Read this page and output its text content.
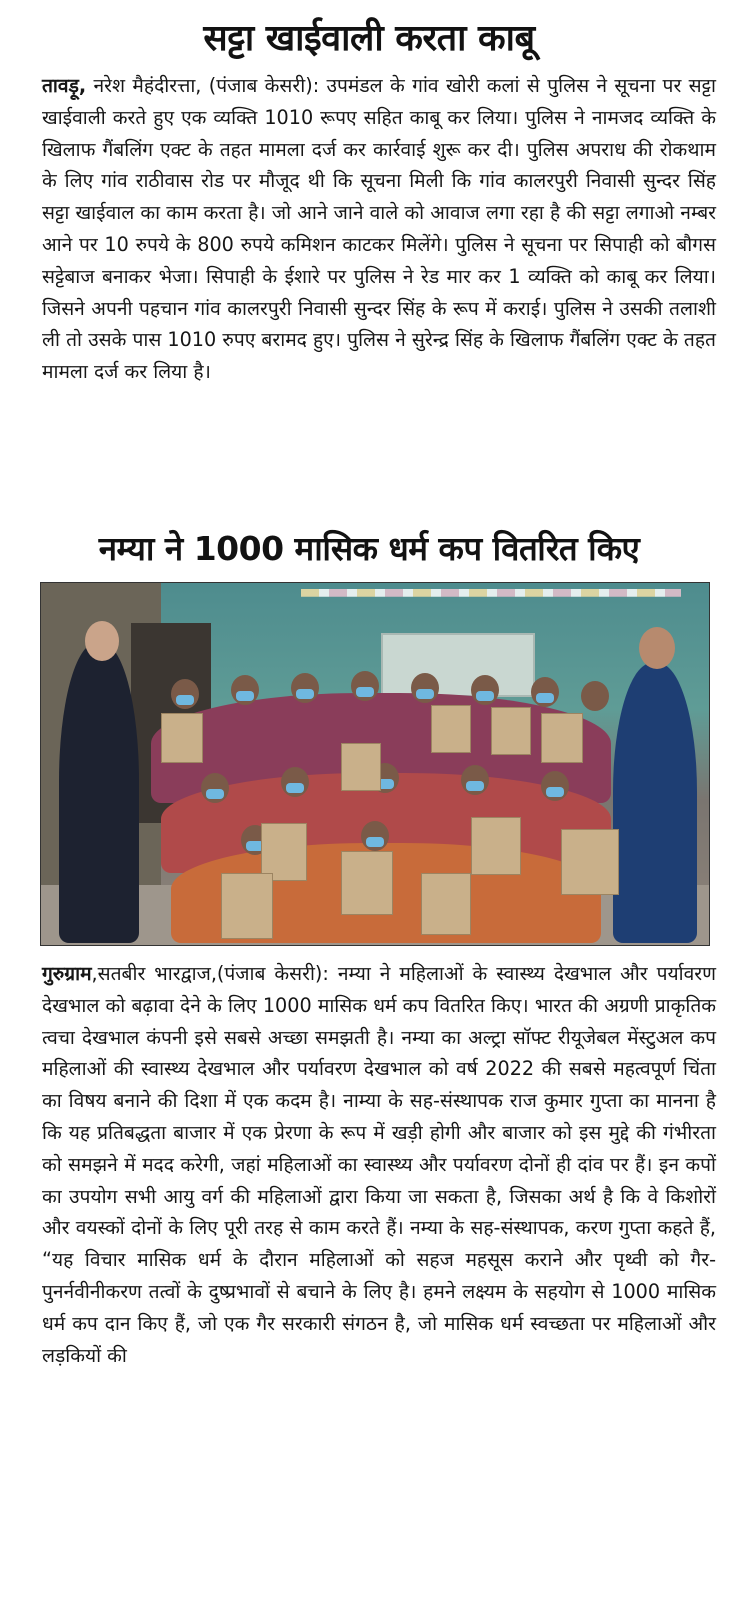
सट्टा खाईवाली करता काबू

तावड़ू, नरेश मैहंदीरत्ता, (पंजाब केसरी): उपमंडल के गांव खोरी कलां से पुलिस ने सूचना पर सट्टा खाईवाली करते हुए एक व्यक्ति 1010 रूपए सहित काबू कर लिया। पुलिस ने नामजद व्यक्ति के खिलाफ गैंबलिंग एक्ट के तहत मामला दर्ज कर कार्रवाई शुरू कर दी। पुलिस अपराध की रोकथाम के लिए गांव राठीवास रोड पर मौजूद थी कि सूचना मिली कि गांव कालरपुरी निवासी सुन्दर सिंह सट्टा खाईवाल का काम करता है। जो आने जाने वाले को आवाज लगा रहा है की सट्टा लगाओ नम्बर आने पर 10 रुपये के 800 रुपये कमिशन काटकर मिलेंगे। पुलिस ने सूचना पर सिपाही को बौगस सट्टेबाज बनाकर भेजा। सिपाही के ईशारे पर पुलिस ने रेड मार कर 1 व्यक्ति को काबू कर लिया। जिसने अपनी पहचान गांव कालरपुरी निवासी सुन्दर सिंह के रूप में कराई। पुलिस ने उसकी तलाशी ली तो उसके पास 1010 रुपए बरामद हुए। पुलिस ने सुरेन्द्र सिंह के खिलाफ गैंबलिंग एक्ट के तहत मामला दर्ज कर लिया है।

नम्या ने 1000 मासिक धर्म कप वितरित किए

गुरुग्राम,सतबीर भारद्वाज,(पंजाब केसरी): नम्या ने महिलाओं के स्वास्थ्य देखभाल और पर्यावरण देखभाल को बढ़ावा देने के लिए 1000 मासिक धर्म कप वितरित किए। भारत की अग्रणी प्राकृतिक त्वचा देखभाल कंपनी इसे सबसे अच्छा समझती है। नम्या का अल्ट्रा सॉफ्ट रीयूजेबल मेंस्टुअल कप महिलाओं की स्वास्थ्य देखभाल और पर्यावरण देखभाल को वर्ष 2022 की सबसे महत्वपूर्ण चिंता का विषय बनाने की दिशा में एक कदम है। नाम्या के सह-संस्थापक राज कुमार गुप्ता का मानना है कि यह प्रतिबद्धता बाजार में एक प्रेरणा के रूप में खड़ी होगी और बाजार को इस मुद्दे की गंभीरता को समझने में मदद करेगी, जहां महिलाओं का स्वास्थ्य और पर्यावरण दोनों ही दांव पर हैं। इन कपों का उपयोग सभी आयु वर्ग की महिलाओं द्वारा किया जा सकता है, जिसका अर्थ है कि वे किशोरों और वयस्कों दोनों के लिए पूरी तरह से काम करते हैं। नम्या के सह-संस्थापक, करण गुप्ता कहते हैं, “यह विचार मासिक धर्म के दौरान महिलाओं को सहज महसूस कराने और पृथ्वी को गैर-पुनर्नवीनीकरण तत्वों के दुष्प्रभावों से बचाने के लिए है। हमने लक्ष्यम के सहयोग से 1000 मासिक धर्म कप दान किए हैं, जो एक गैर सरकारी संगठन है, जो मासिक धर्म स्वच्छता पर महिलाओं और लड़कियों की
